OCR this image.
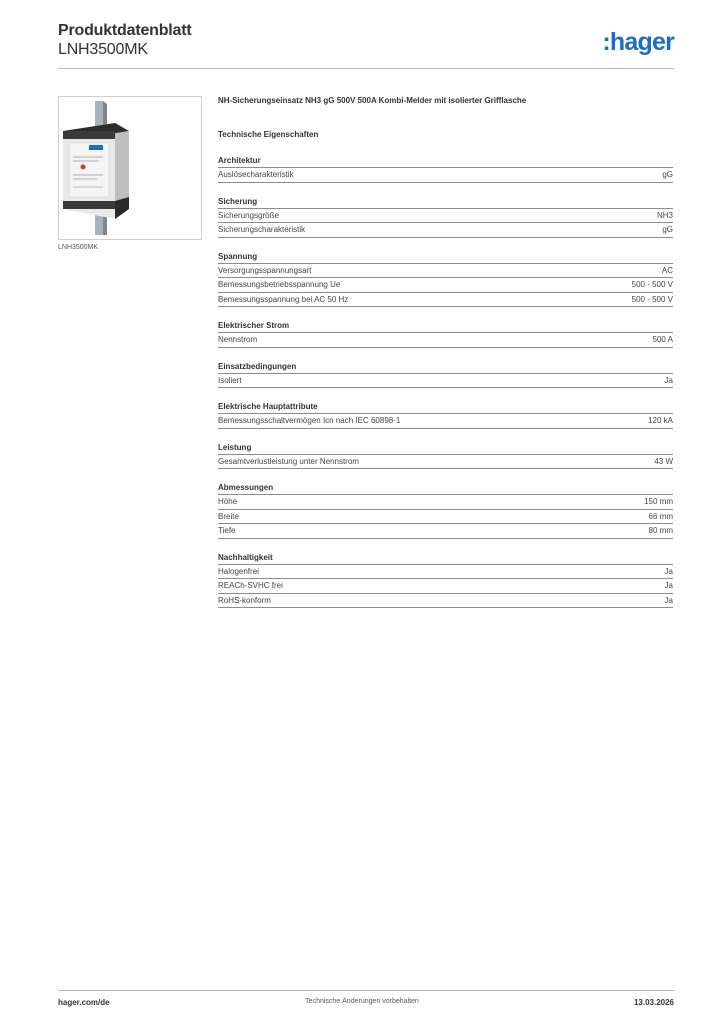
Produktdatenblatt
LNH3500MK	:hager
LNH3500MK
NH-Sicherungseinsatz NH3 gG 500V 500A Kombi-Melder mit isolierter Grifflasche
Technische Eigenschaften
Architektur
Auslösecharakteristik	gG
Sicherung
Sicherungsgröße	NH3
Sicherungscharakteristik	gG
Spannung
Versorgungsspannungsart	AC
Bemessungsbetriebsspannung Ue	500 - 500 V
Bemessungsspannung bei AC 50 Hz	500 - 500 V
Elektrischer Strom
Nennstrom	500 A
Einsatzbedingungen
Isoliert	Ja
Elektrische Hauptattribute
Bemessungsschaltvermögen Icn nach IEC 60898-1	120 kA
Leistung
Gesamtverlustleistung unter Nennstrom	43 W
Abmessungen
Höhe	150 mm
Breite	66 mm
Tiefe	80 mm
Nachhaltigkeit
Halogenfrei	Ja
REACh-SVHC frei	Ja
RoHS-konform	Ja
hager.com/de	Technische Änderungen vorbehalten	13.03.2026
